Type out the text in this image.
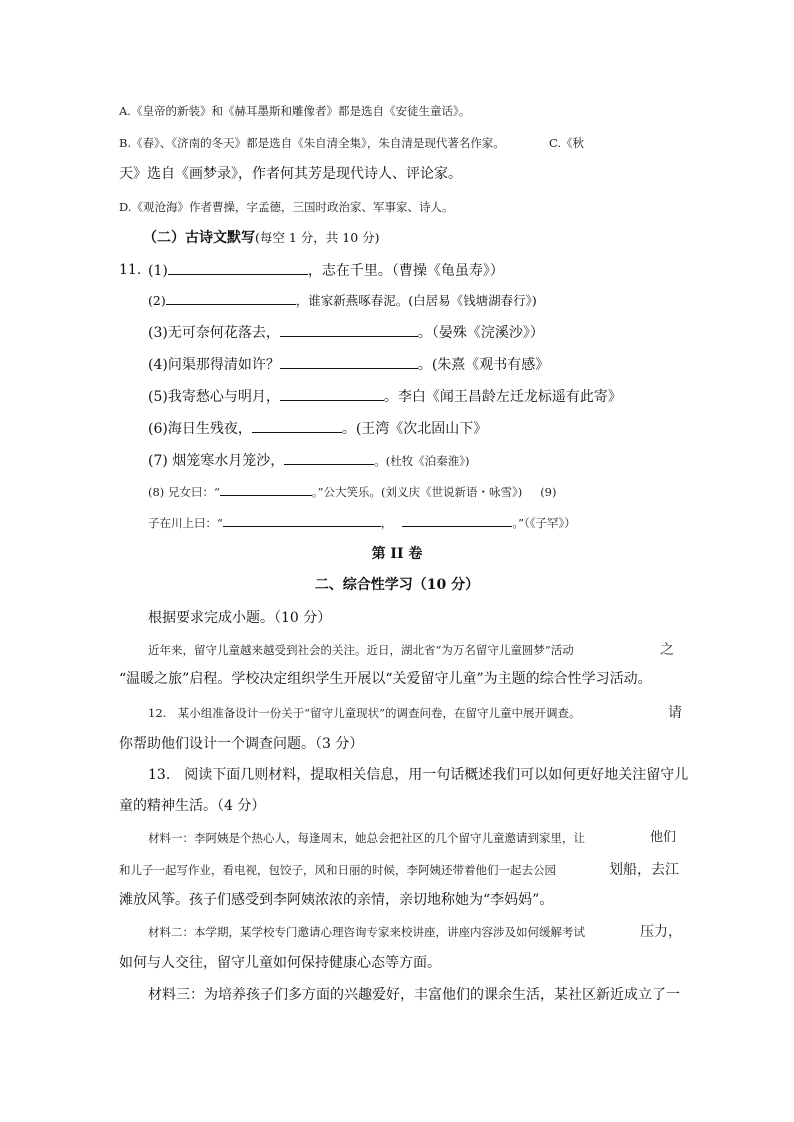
A.《皇帝的新装》和《赫耳墨斯和雕像者》都是选自《安徒生童话》。
B.《春》、《济南的冬天》都是选自《朱自清全集》，朱自清是现代著名作家。	C.《秋
天》选自《画梦录》，作者何其芳是现代诗人、评论家。
D.《观沧海》作者曹操，字孟德，三国时政治家、军事家、诗人。
（二）古诗文默写(每空 1 分，共 10 分)
11. (1)	，志在千里。（曹操《龟虽寿》）
(2)	，谁家新燕啄春泥。(白居易《钱塘湖春行》)
(3)无可奈何花落去，	。（晏殊《浣溪沙》）
(4)问渠那得清如许？	。(朱熹《观书有感》
(5)我寄愁心与明月，	。李白《闻王昌龄左迁龙标遥有此寄》
(6)海日生残夜，	。(王湾《次北固山下》
(7) 烟笼寒水月笼沙，	。(杜牧《泊秦淮》)
(8) 兄女曰：“	。”公大笑乐。(刘义庆《世说新语・咏雪》) (9)
子在川上曰：“	，	。”（《子罕》）
第 II 卷
二、综合性学习（10 分）
根据要求完成小题。（10 分）
近年来，留守儿童越来越受到社会的关注。近日，湖北省“为万名留守儿童圆梦”活动	之
“温暖之旅”启程。学校决定组织学生开展以“关爱留守儿童”为主题的综合性学习活动。
12.　某小组准备设计一份关于“留守儿童现状”的调查问卷，在留守儿童中展开调查。	请
你帮助他们设计一个调查问题。（3 分）
13.　阅读下面几则材料，提取相关信息，用一句话概述我们可以如何更好地关注留守儿
童的精神生活。（4 分）
材料一：李阿姨是个热心人，每逢周末，她总会把社区的几个留守儿童邀请到家里，让	他们
和儿子一起写作业，看电视，包饺子，风和日丽的时候，李阿姨还带着他们一起去公园	划船，去江
滩放风筝。孩子们感受到李阿姨浓浓的亲情，亲切地称她为“李妈妈”。
材料二：本学期，某学校专门邀请心理咨询专家来校讲座，讲座内容涉及如何缓解考试	压力，
如何与人交往，留守儿童如何保持健康心态等方面。
材料三：为培养孩子们多方面的兴趣爱好，丰富他们的课余生活，某社区新近成立了一
